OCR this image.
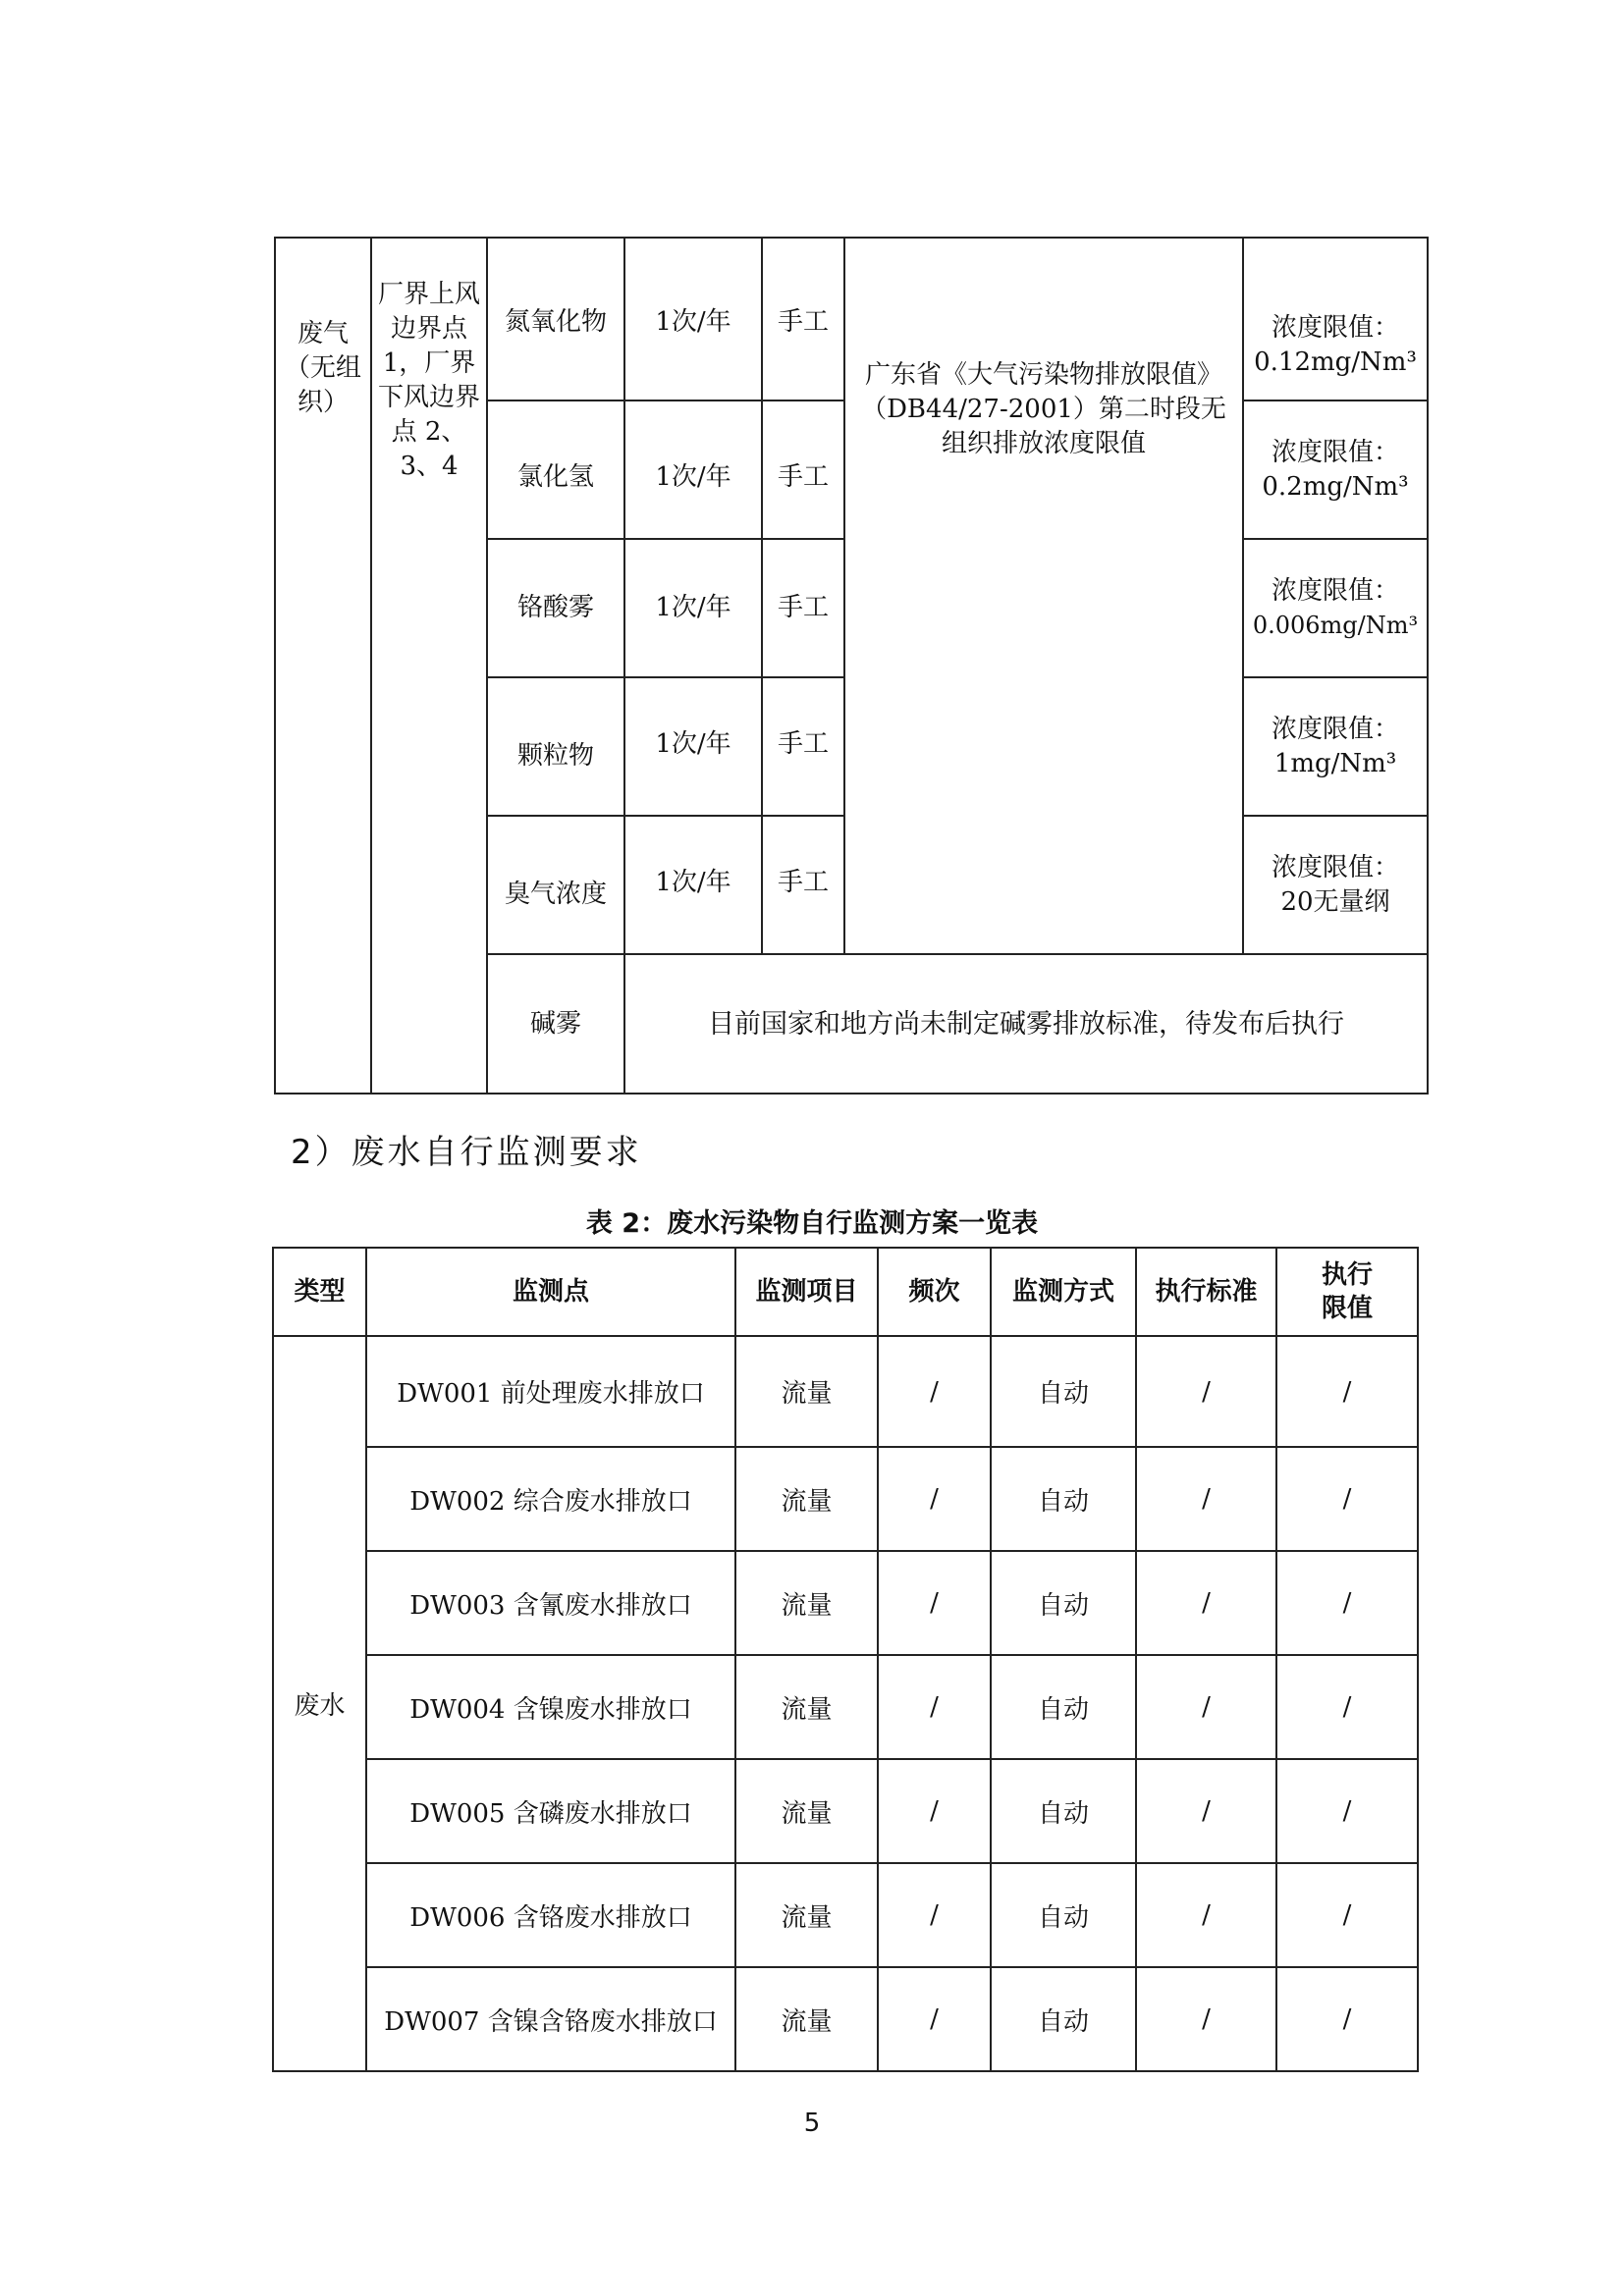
废气（无组织）	厂界上风边界点1，厂界下风边界点 2、3、4	氮氧化物	1次/年	手工	广东省《大气污染物排放限值》（DB44/27-2001）第二时段无组织排放浓度限值	浓度限值：
0.12mg/Nm³

		氯化氢	1次/年	手工		浓度限值：
0.2mg/Nm³

		铬酸雾	1次/年	手工		浓度限值：
0.006mg/Nm³

		颗粒物	1次/年	手工		浓度限值：
1mg/Nm³

		臭气浓度	1次/年	手工		浓度限值：
20无量纲

		碱雾	目前国家和地方尚未制定碱雾排放标准，待发布后执行			
2）废水自行监测要求
表 2：废水污染物自行监测方案一览表
类型	监测点	监测项目	频次	监测方式	执行标准	执行限值
废水	DW001 前处理废水排放口	流量	/	自动	/	/
	DW002 综合废水排放口	流量	/	自动	/	/
	DW003 含氰废水排放口	流量	/	自动	/	/
	DW004 含镍废水排放口	流量	/	自动	/	/
	DW005 含磷废水排放口	流量	/	自动	/	/
	DW006 含铬废水排放口	流量	/	自动	/	/
	DW007 含镍含铬废水排放口	流量	/	自动	/	/
5
